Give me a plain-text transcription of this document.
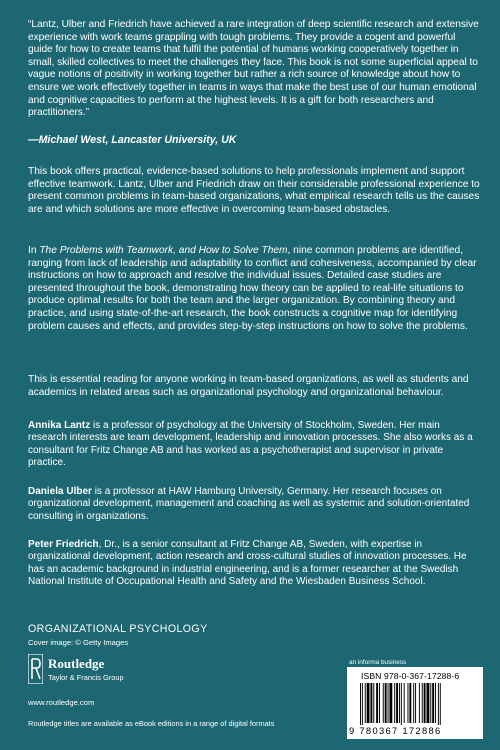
“Lantz, Ulber and Friedrich have achieved a rare integration of deep scientific research and extensive experience with work teams grappling with tough problems. They provide a cogent and powerful guide for how to create teams that fulfil the potential of humans working cooperatively together in small, skilled collectives to meet the challenges they face. This book is not some superficial appeal to vague notions of positivity in working together but rather a rich source of knowledge about how to ensure we work effectively together in teams in ways that make the best use of our human emotional and cognitive capacities to perform at the highest levels. It is a gift for both researchers and practitioners.”

—Michael West, Lancaster University, UK

This book offers practical, evidence-based solutions to help professionals implement and support effective teamwork. Lantz, Ulber and Friedrich draw on their considerable professional experience to present common problems in team-based organizations, what empirical research tells us the causes are and which solutions are more effective in overcoming team-based obstacles.

In The Problems with Teamwork, and How to Solve Them, nine common problems are identified, ranging from lack of leadership and adaptability to conflict and cohesiveness, accompanied by clear instructions on how to approach and resolve the individual issues. Detailed case studies are presented throughout the book, demonstrating how theory can be applied to real-life situations to produce optimal results for both the team and the larger organization. By combining theory and practice, and using state-of-the-art research, the book constructs a cognitive map for identifying problem causes and effects, and provides step-by-step instructions on how to solve the problems.

This is essential reading for anyone working in team-based organizations, as well as students and academics in related areas such as organizational psychology and organizational behaviour.

Annika Lantz is a professor of psychology at the University of Stockholm, Sweden. Her main research interests are team development, leadership and innovation processes. She also works as a consultant for Fritz Change AB and has worked as a psychotherapist and supervisor in private practice.

Daniela Ulber is a professor at HAW Hamburg University, Germany. Her research focuses on organizational development, management and coaching as well as systemic and solution-orientated consulting in organizations.

Peter Friedrich, Dr., is a senior consultant at Fritz Change AB, Sweden, with expertise in organizational development, action research and cross-cultural studies of innovation processes. He has an academic background in industrial engineering, and is a former researcher at the Swedish National Institute of Occupational Health and Safety and the Wiesbaden Business School.

ORGANIZATIONAL PSYCHOLOGY
Cover image: © Getty Images
Routledge
Taylor & Francis Group
www.routledge.com
Routledge titles are available as eBook editions in a range of digital formats
an informa business
ISBN 978-0-367-17288-6
9 780367 172886
